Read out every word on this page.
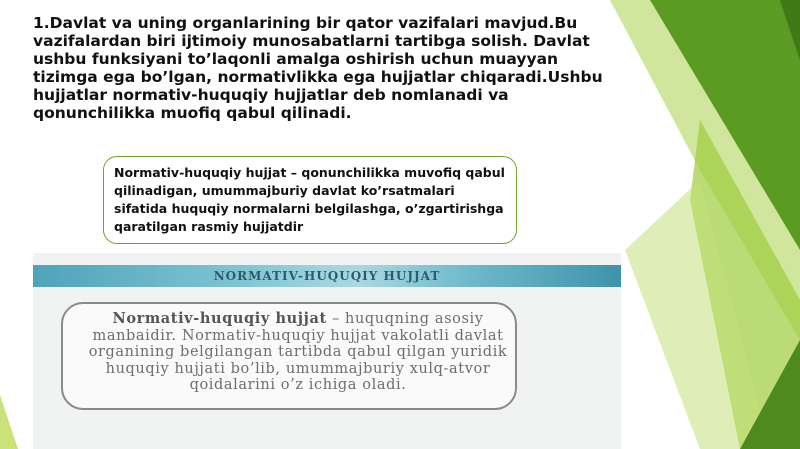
1.Davlat va uning organlarining bir qator vazifalari mavjud.Bu vazifalardan biri ijtimoiy munosabatlarni tartibga solish. Davlat ushbu funksiyani to’laqonli amalga oshirish uchun muayyan tizimga ega bo’lgan, normativlikka ega hujjatlar chiqaradi.Ushbu hujjatlar normativ-huquqiy hujjatlar deb nomlanadi va qonunchilikka muofiq qabul qilinadi.

Normativ-huquqiy hujjat – qonunchilikka muvofiq qabul qilinadigan, umummajburiy davlat ko’rsatmalari sifatida huquqiy normalarni belgilashga, o’zgartirishga qaratilgan rasmiy hujjatdir
NORMATIV-HUQUQIY HUJJAT
Normativ-huquqiy hujjat – huquqning asosiy manbaidir. Normativ-huquqiy hujjat vakolatli davlat organining belgilangan tartibda qabul qilgan yuridik huquqiy hujjati bo’lib, umummajburiy xulq-atvor qoidalarini o’z ichiga oladi.
